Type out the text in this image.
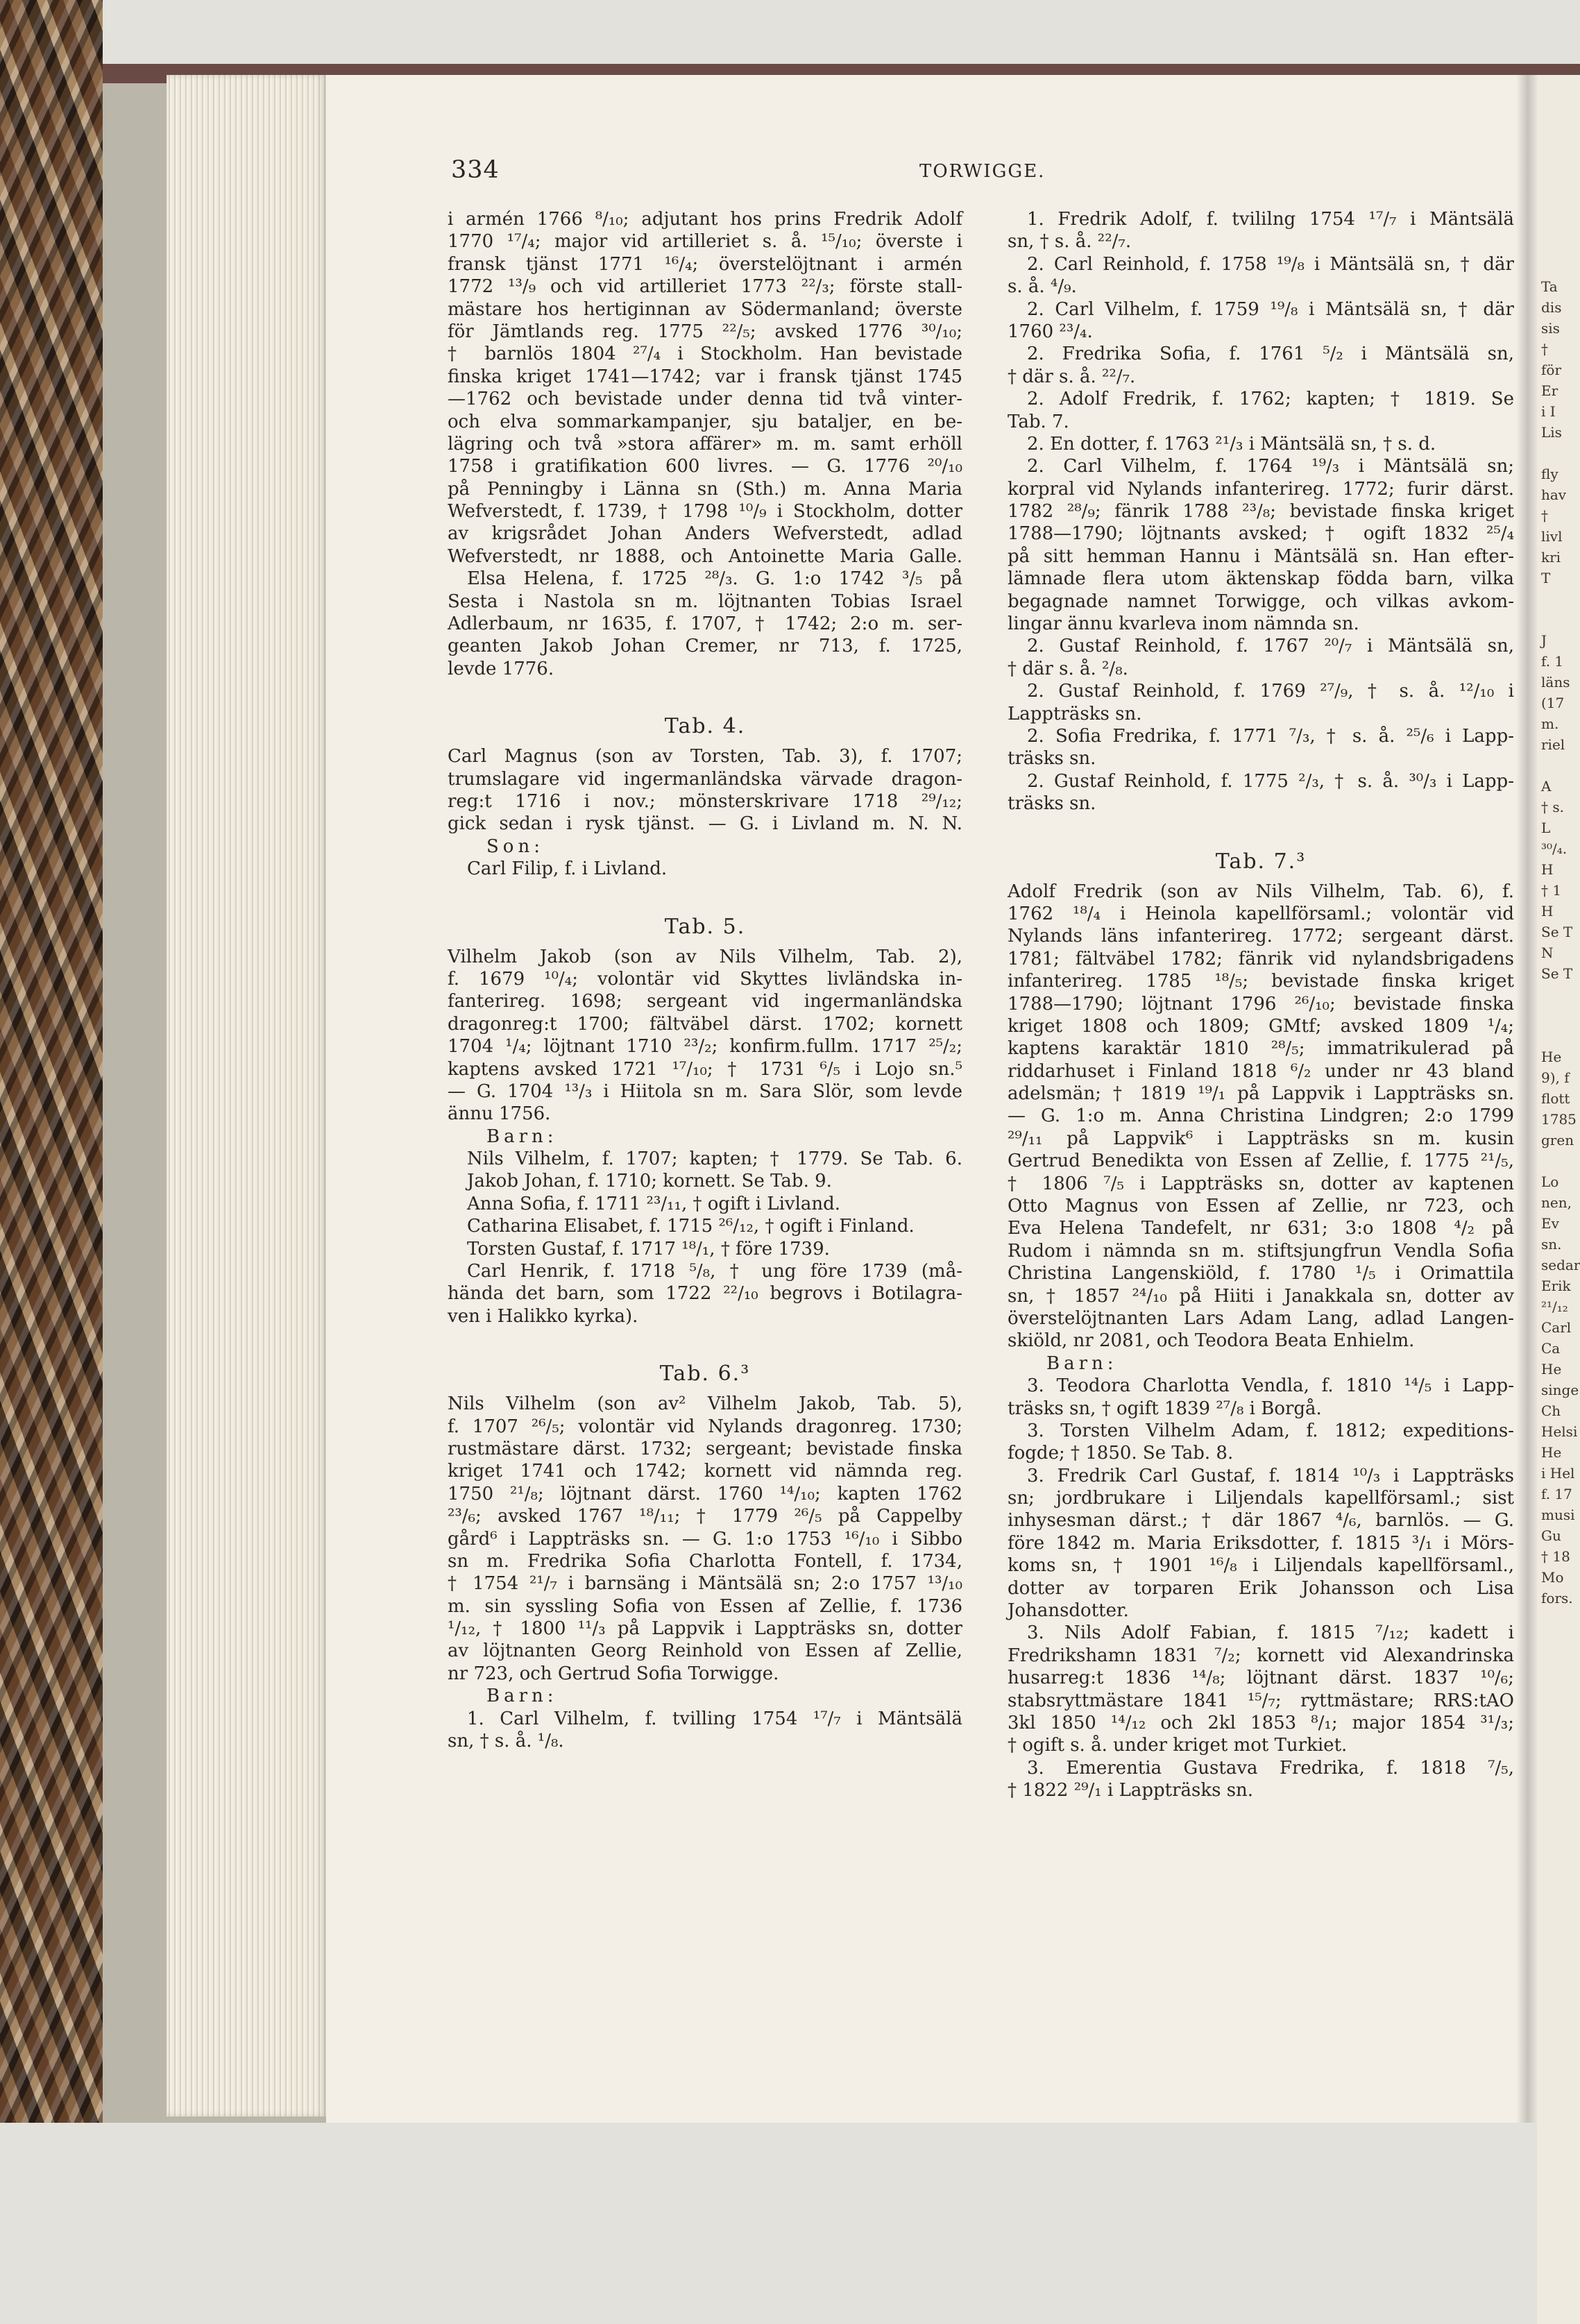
334	TORWIGGE.
i armén 1766 ⁸/₁₀; adjutant hos prins Fredrik Adolf
1770 ¹⁷/₄; major vid artilleriet s. å. ¹⁵/₁₀; överste i
fransk tjänst 1771 ¹⁶/₄; överstelöjtnant i armén
1772 ¹³/₉ och vid artilleriet 1773 ²²/₃; förste stall-
mästare hos hertiginnan av Södermanland; överste
för Jämtlands reg. 1775 ²²/₅; avsked 1776 ³⁰/₁₀;
† barnlös 1804 ²⁷/₄ i Stockholm. Han bevistade
finska kriget 1741—1742; var i fransk tjänst 1745
—1762 och bevistade under denna tid två vinter-
och elva sommarkampanjer, sju bataljer, en be-
lägring och två »stora affärer» m. m. samt erhöll
1758 i gratifikation 600 livres. — G. 1776 ²⁰/₁₀
på Penningby i Länna sn (Sth.) m. Anna Maria
Wefverstedt, f. 1739, † 1798 ¹⁰/₉ i Stockholm, dotter
av krigsrådet Johan Anders Wefverstedt, adlad
Wefverstedt, nr 1888, och Antoinette Maria Galle.
Elsa Helena, f. 1725 ²⁸/₃. G. 1:o 1742 ³/₅ på
Sesta i Nastola sn m. löjtnanten Tobias Israel
Adlerbaum, nr 1635, f. 1707, † 1742; 2:o m. ser-
geanten Jakob Johan Cremer, nr 713, f. 1725,
levde 1776.
Tab. 4.
Carl Magnus (son av Torsten, Tab. 3), f. 1707;
trumslagare vid ingermanländska värvade dragon-
reg:t 1716 i nov.; mönsterskrivare 1718 ²⁹/₁₂;
gick sedan i rysk tjänst. — G. i Livland m. N. N.
Son:
Carl Filip, f. i Livland.
Tab. 5.
Vilhelm Jakob (son av Nils Vilhelm, Tab. 2),
f. 1679 ¹⁰/₄; volontär vid Skyttes livländska in-
fanterireg. 1698; sergeant vid ingermanländska
dragonreg:t 1700; fältväbel därst. 1702; kornett
1704 ¹/₄; löjtnant 1710 ²³/₂; konfirm.fullm. 1717 ²⁵/₂;
kaptens avsked 1721 ¹⁷/₁₀; † 1731 ⁶/₅ i Lojo sn.⁵
— G. 1704 ¹³/₃ i Hiitola sn m. Sara Slör, som levde
ännu 1756.
Barn:
Nils Vilhelm, f. 1707; kapten; † 1779. Se Tab. 6.
Jakob Johan, f. 1710; kornett. Se Tab. 9.
Anna Sofia, f. 1711 ²³/₁₁, † ogift i Livland.
Catharina Elisabet, f. 1715 ²⁶/₁₂, † ogift i Finland.
Torsten Gustaf, f. 1717 ¹⁸/₁, † före 1739.
Carl Henrik, f. 1718 ⁵/₈, † ung före 1739 (må-
hända det barn, som 1722 ²²/₁₀ begrovs i Botilagra-
ven i Halikko kyrka).
Tab. 6.³
Nils Vilhelm (son av² Vilhelm Jakob, Tab. 5),
f. 1707 ²⁶/₅; volontär vid Nylands dragonreg. 1730;
rustmästare därst. 1732; sergeant; bevistade finska
kriget 1741 och 1742; kornett vid nämnda reg.
1750 ²¹/₈; löjtnant därst. 1760 ¹⁴/₁₀; kapten 1762
²³/₆; avsked 1767 ¹⁸/₁₁; † 1779 ²⁶/₅ på Cappelby
gård⁶ i Lappträsks sn. — G. 1:o 1753 ¹⁶/₁₀ i Sibbo
sn m. Fredrika Sofia Charlotta Fontell, f. 1734,
† 1754 ²¹/₇ i barnsäng i Mäntsälä sn; 2:o 1757 ¹³/₁₀
m. sin syssling Sofia von Essen af Zellie, f. 1736
¹/₁₂, † 1800 ¹¹/₃ på Lappvik i Lappträsks sn, dotter
av löjtnanten Georg Reinhold von Essen af Zellie,
nr 723, och Gertrud Sofia Torwigge.
Barn:
1. Carl Vilhelm, f. tvilling 1754 ¹⁷/₇ i Mäntsälä
sn, † s. å. ¹/₈.
1. Fredrik Adolf, f. tvililng 1754 ¹⁷/₇ i Mäntsälä
sn, † s. å. ²²/₇.
2. Carl Reinhold, f. 1758 ¹⁹/₈ i Mäntsälä sn, † där
s. å. ⁴/₉.
2. Carl Vilhelm, f. 1759 ¹⁹/₈ i Mäntsälä sn, † där
1760 ²³/₄.
2. Fredrika Sofia, f. 1761 ⁵/₂ i Mäntsälä sn,
† där s. å. ²²/₇.
2. Adolf Fredrik, f. 1762; kapten; † 1819. Se
Tab. 7.
2. En dotter, f. 1763 ²¹/₃ i Mäntsälä sn, † s. d.
2. Carl Vilhelm, f. 1764 ¹⁹/₃ i Mäntsälä sn;
korpral vid Nylands infanterireg. 1772; furir därst.
1782 ²⁸/₉; fänrik 1788 ²³/₈; bevistade finska kriget
1788—1790; löjtnants avsked; † ogift 1832 ²⁵/₄
på sitt hemman Hannu i Mäntsälä sn. Han efter-
lämnade flera utom äktenskap födda barn, vilka
begagnade namnet Torwigge, och vilkas avkom-
lingar ännu kvarleva inom nämnda sn.
2. Gustaf Reinhold, f. 1767 ²⁰/₇ i Mäntsälä sn,
† där s. å. ²/₈.
2. Gustaf Reinhold, f. 1769 ²⁷/₉, † s. å. ¹²/₁₀ i
Lappträsks sn.
2. Sofia Fredrika, f. 1771 ⁷/₃, † s. å. ²⁵/₆ i Lapp-
träsks sn.
2. Gustaf Reinhold, f. 1775 ²/₃, † s. å. ³⁰/₃ i Lapp-
träsks sn.
Tab. 7.³
Adolf Fredrik (son av Nils Vilhelm, Tab. 6), f.
1762 ¹⁸/₄ i Heinola kapellförsaml.; volontär vid
Nylands läns infanterireg. 1772; sergeant därst.
1781; fältväbel 1782; fänrik vid nylandsbrigadens
infanterireg. 1785 ¹⁸/₅; bevistade finska kriget
1788—1790; löjtnant 1796 ²⁶/₁₀; bevistade finska
kriget 1808 och 1809; GMtf; avsked 1809 ¹/₄;
kaptens karaktär 1810 ²⁸/₅; immatrikulerad på
riddarhuset i Finland 1818 ⁶/₂ under nr 43 bland
adelsmän; † 1819 ¹⁹/₁ på Lappvik i Lappträsks sn.
— G. 1:o m. Anna Christina Lindgren; 2:o 1799
²⁹/₁₁ på Lappvik⁶ i Lappträsks sn m. kusin
Gertrud Benedikta von Essen af Zellie, f. 1775 ²¹/₅,
† 1806 ⁷/₅ i Lappträsks sn, dotter av kaptenen
Otto Magnus von Essen af Zellie, nr 723, och
Eva Helena Tandefelt, nr 631; 3:o 1808 ⁴/₂ på
Rudom i nämnda sn m. stiftsjungfrun Vendla Sofia
Christina Langenskiöld, f. 1780 ¹/₅ i Orimattila
sn, † 1857 ²⁴/₁₀ på Hiiti i Janakkala sn, dotter av
överstelöjtnanten Lars Adam Lang, adlad Langen-
skiöld, nr 2081, och Teodora Beata Enhielm.
Barn:
3. Teodora Charlotta Vendla, f. 1810 ¹⁴/₅ i Lapp-
träsks sn, † ogift 1839 ²⁷/₈ i Borgå.
3. Torsten Vilhelm Adam, f. 1812; expeditions-
fogde; † 1850. Se Tab. 8.
3. Fredrik Carl Gustaf, f. 1814 ¹⁰/₃ i Lappträsks
sn; jordbrukare i Liljendals kapellförsaml.; sist
inhysesman därst.; † där 1867 ⁴/₆, barnlös. — G.
före 1842 m. Maria Eriksdotter, f. 1815 ³/₁ i Mörs-
koms sn, † 1901 ¹⁶/₈ i Liljendals kapellförsaml.,
dotter av torparen Erik Johansson och Lisa
Johansdotter.
3. Nils Adolf Fabian, f. 1815 ⁷/₁₂; kadett i
Fredrikshamn 1831 ⁷/₂; kornett vid Alexandrinska
husarreg:t 1836 ¹⁴/₈; löjtnant därst. 1837 ¹⁰/₆;
stabsryttmästare 1841 ¹⁵/₇; ryttmästare; RRS:tAO
3kl 1850 ¹⁴/₁₂ och 2kl 1853 ⁸/₁; major 1854 ³¹/₃;
† ogift s. å. under kriget mot Turkiet.
3. Emerentia Gustava Fredrika, f. 1818 ⁷/₅,
† 1822 ²⁹/₁ i Lappträsks sn.
Ta
dis
sis
†
för
Er
i I
Lis

fly
hav
†
livl
kri
T

J
f. 1
läns
(17
m.
riel

A
† s.
L
³⁰/₄.
H
† 1
H
Se T
N
Se T

He
9), f
flott
1785
gren

Lo
nen,
Ev
sn.
sedar
Erik
²¹/₁₂
Carl
Ca
He
singe
Ch
Helsi
He
i Hel
f. 17
musi
Gu
† 18
Mo
fors.
